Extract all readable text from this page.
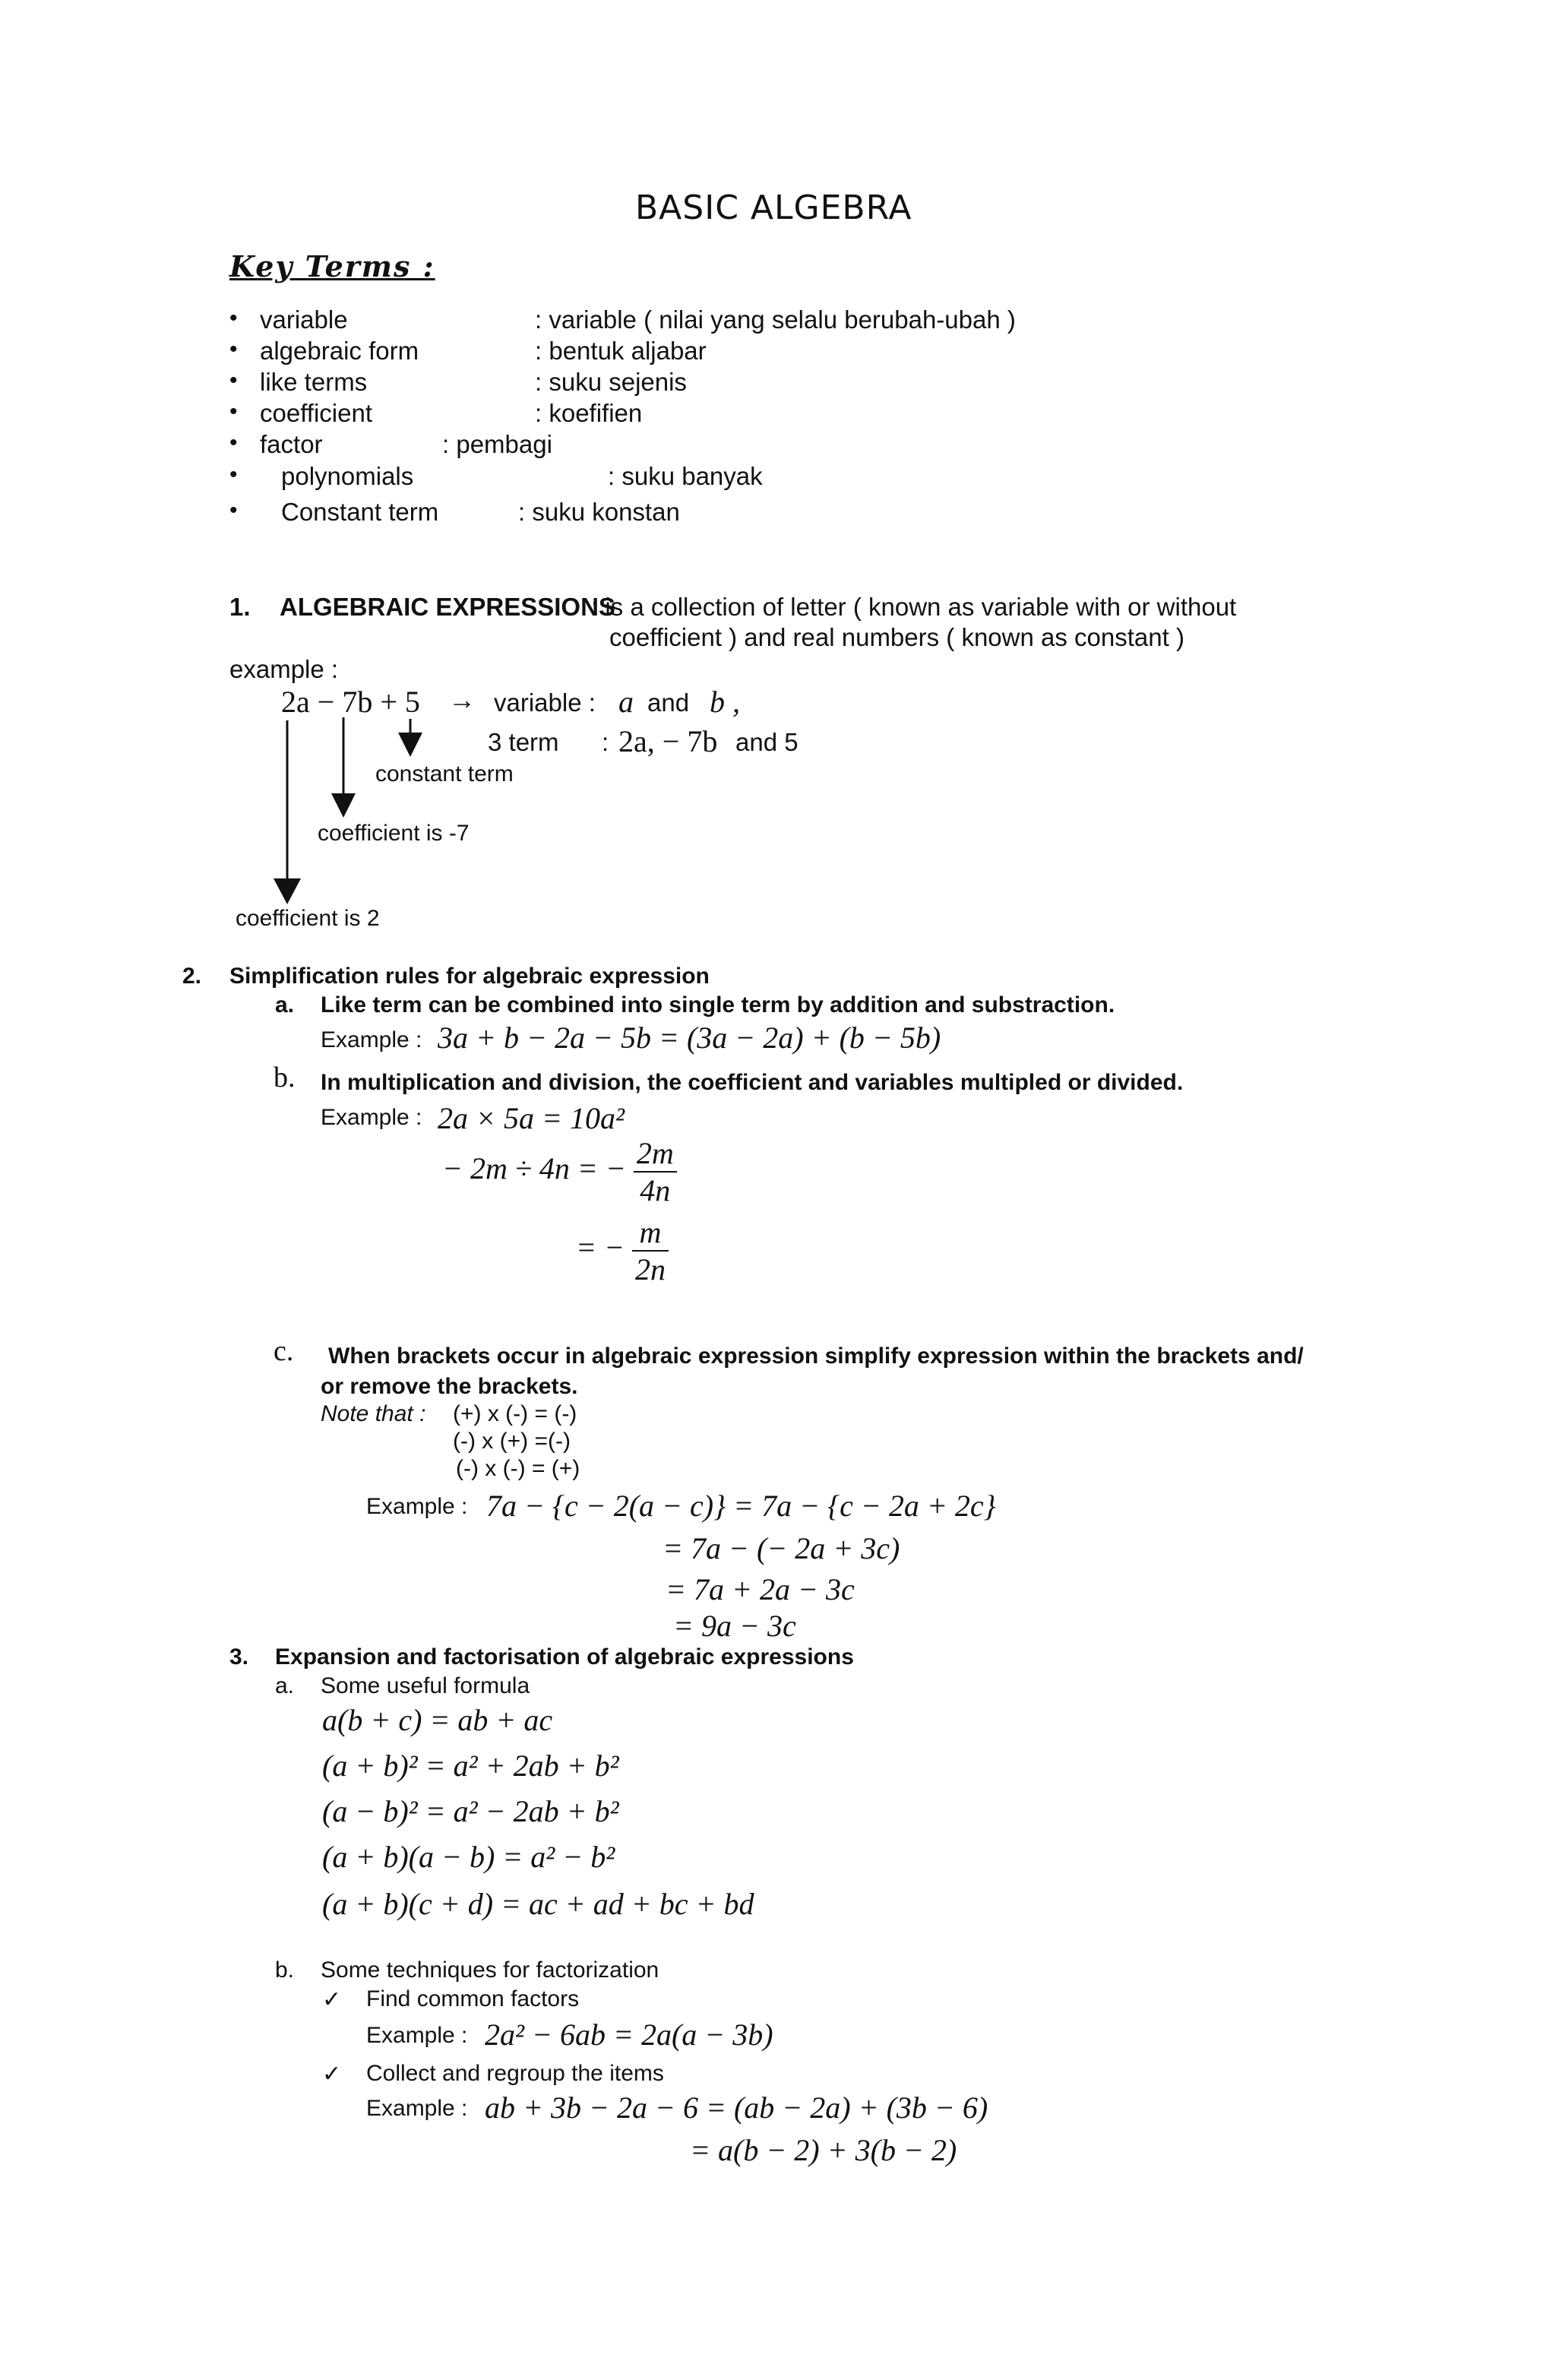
BASIC ALGEBRA
Key Terms :
• variable	: variable ( nilai yang selalu berubah-ubah )
• algebraic form	: bentuk aljabar
• like terms	: suku sejenis
• coefficient	: koefifien
• factor	: pembagi
• polynomials	: suku banyak
• Constant term	: suku konstan
1. ALGEBRAIC EXPRESSIONS
: is a collection of letter ( known as variable with or without
coefficient ) and real numbers ( known as constant )
example :
2a − 7b + 5 → variable : a and b ,
3 term : 2a, − 7b and 5
constant term
coefficient is -7
coefficient is 2
2. Simplification rules for algebraic expression
a. Like term can be combined into single term by addition and substraction.
Example : 3a + b − 2a − 5b = (3a − 2a) + (b − 5b)
b. In multiplication and division, the coefficient and variables multipled or divided.
Example : 2a × 5a = 10a²
− 2m ÷ 4n = − $\frac{2m}{4n}$
= − $\frac{m}{2n}$
c. When brackets occur in algebraic expression simplify expression within the brackets and/
or remove the brackets.
Note that : (+) x (-) = (-)
(-) x (+) =(-)
(-) x (-) = (+)
Example : 7a − {c − 2(a − c)} = 7a − {c − 2a + 2c}
= 7a − (− 2a + 3c)
= 7a + 2a − 3c
= 9a − 3c
3. Expansion and factorisation of algebraic expressions
a. Some useful formula
a(b + c) = ab + ac
(a + b)² = a² + 2ab + b²
(a − b)² = a² − 2ab + b²
(a + b)(a − b) = a² − b²
(a + b)(c + d) = ac + ad + bc + bd
b. Some techniques for factorization
✓ Find common factors
Example : 2a² − 6ab = 2a(a − 3b)
✓ Collect and regroup the items
Example : ab + 3b − 2a − 6 = (ab − 2a) + (3b − 6)
= a(b − 2) + 3(b − 2)
